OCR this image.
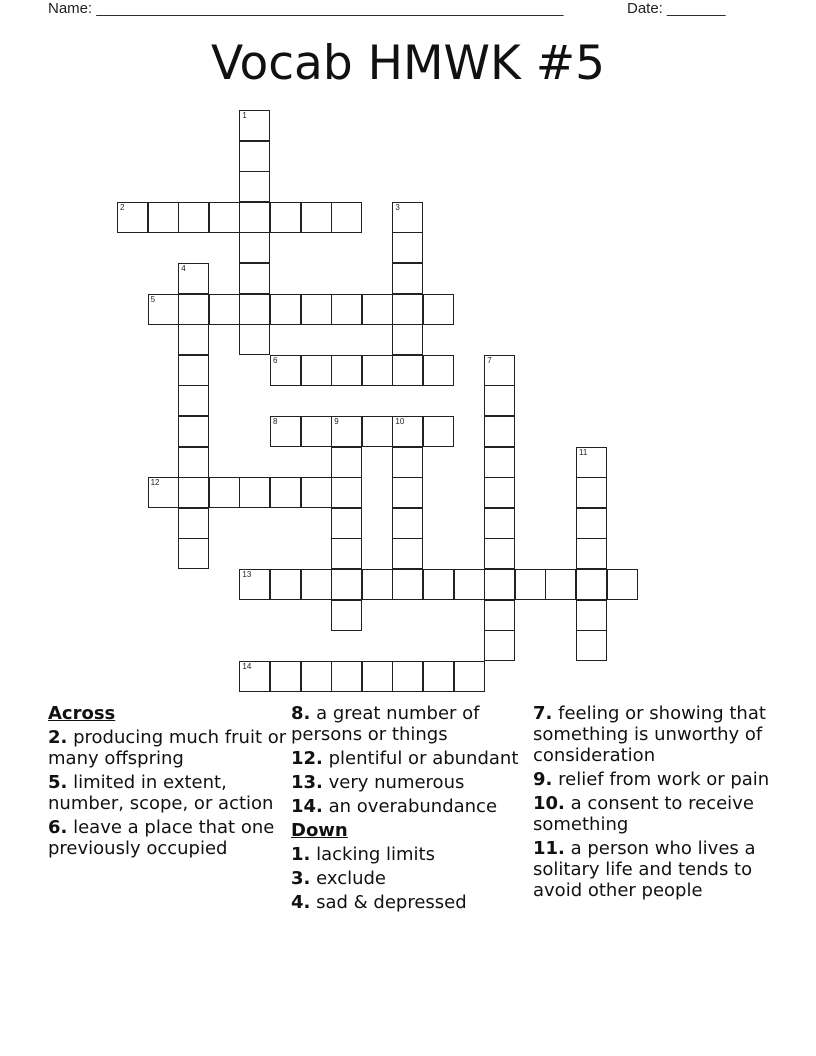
Name: ________________________________________________________	Date: _______
Vocab HMWK #5
1
2	3
4
5
6	7
8	9	10
11
12
13
14
Across
2. producing much fruit or many offspring
5. limited in extent, number, scope, or action
6. leave a place that one previously occupied
8. a great number of persons or things
12. plentiful or abundant
13. very numerous
14. an overabundance
Down
1. lacking limits
3. exclude
4. sad & depressed
7. feeling or showing that something is unworthy of consideration
9. relief from work or pain
10. a consent to receive something
11. a person who lives a solitary life and tends to avoid other people
